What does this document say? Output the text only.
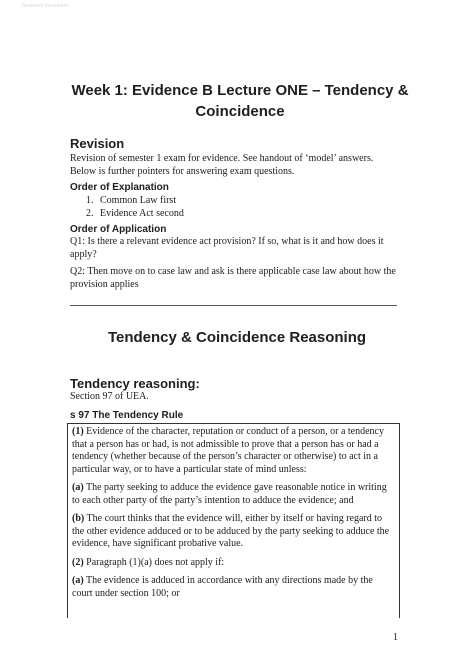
Scanned document
Week 1: Evidence B Lecture ONE – Tendency &
Coincidence
Revision
Revision of semester 1 exam for evidence. See handout of ‘model’ answers.
Below is further pointers for answering exam questions.
Order of Explanation
1. Common Law first
2. Evidence Act second
Order of Application
Q1: Is there a relevant evidence act provision? If so, what is it and how does it
apply?
Q2: Then move on to case law and ask is there applicable case law about how the
provision applies
Tendency & Coincidence Reasoning
Tendency reasoning:
Section 97 of UEA.
s 97 The Tendency Rule

(1) Evidence of the character, reputation or conduct of a person, or a tendency that a person has or had, is not admissible to prove that a person has or had a tendency (whether because of the person’s character or otherwise) to act in a particular way, or to have a particular state of mind unless:

(a) The party seeking to adduce the evidence gave reasonable notice in writing to each other party of the party’s intention to adduce the evidence; and

(b) The court thinks that the evidence will, either by itself or having regard to the other evidence adduced or to be adduced by the party seeking to adduce the evidence, have significant probative value.

(2) Paragraph (1)(a) does not apply if:

(a) The evidence is adduced in accordance with any directions made by the court under section 100; or

1
